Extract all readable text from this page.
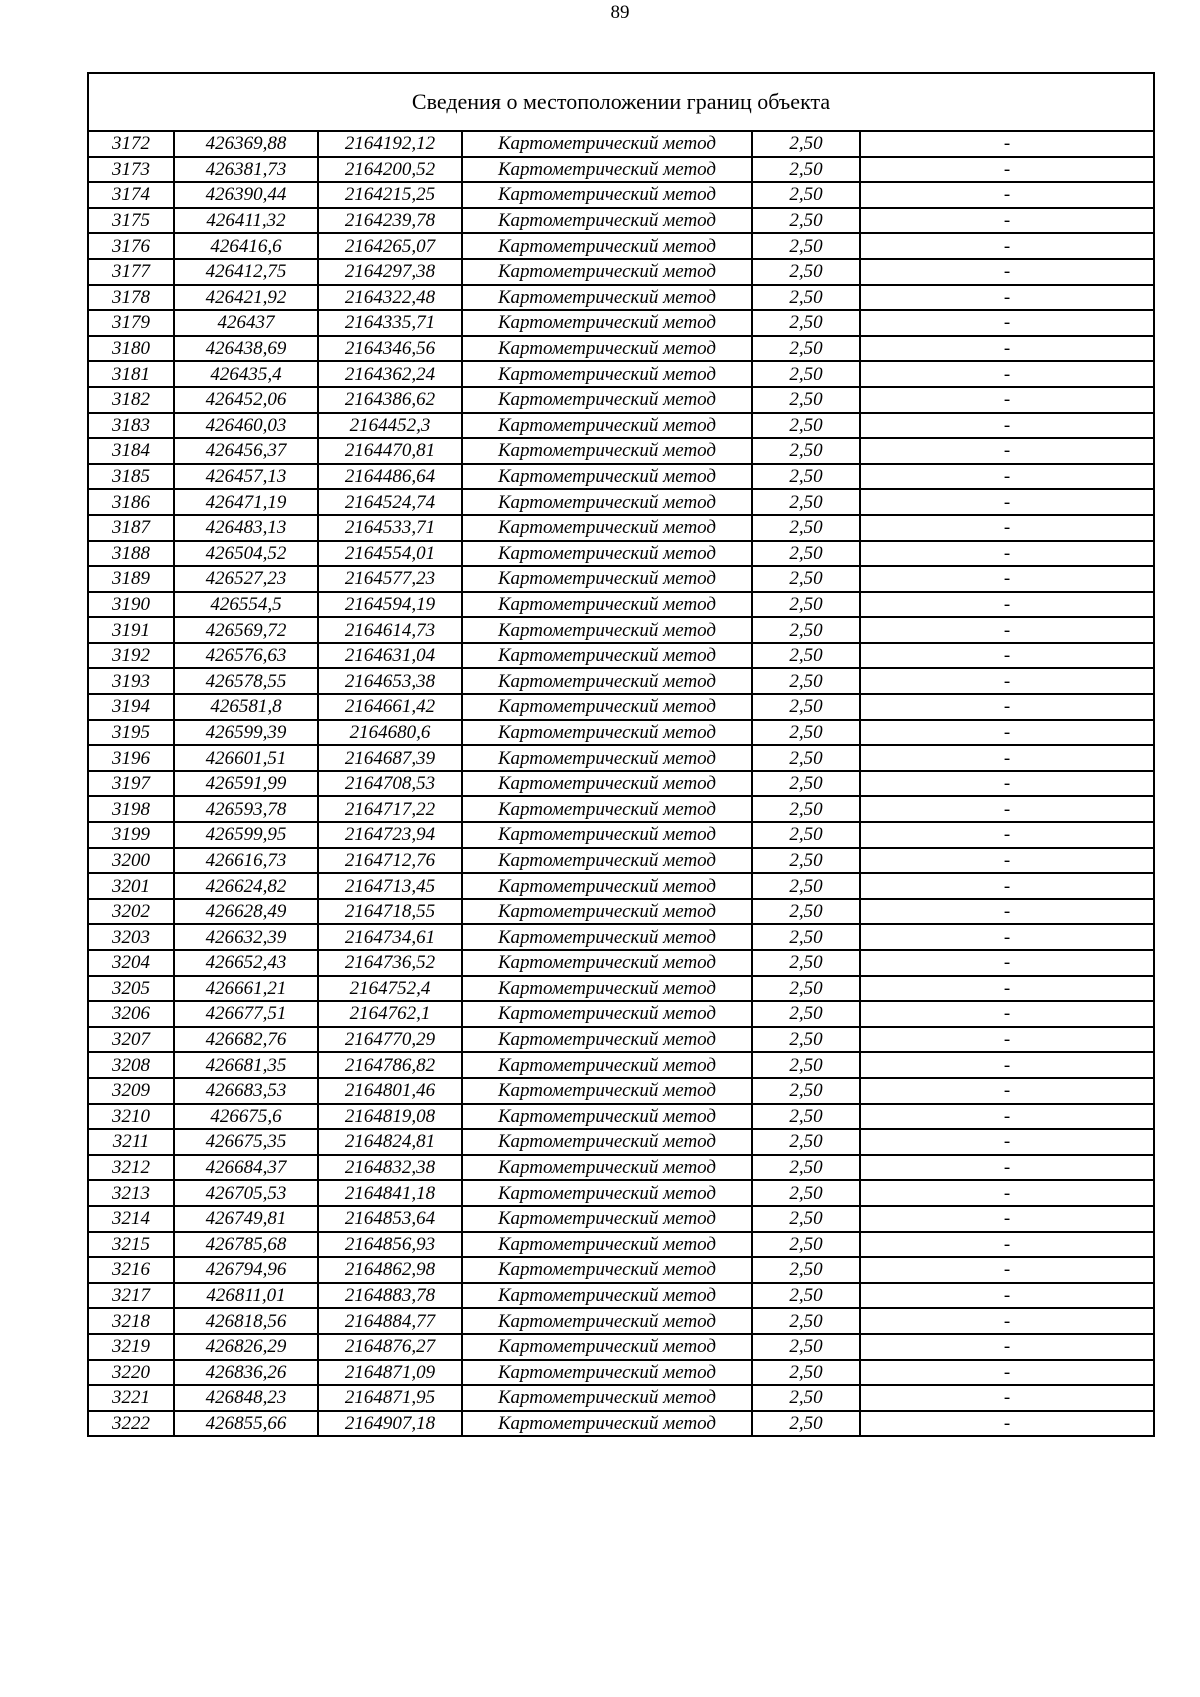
89
Сведения о местоположении границ объекта					
3172	426369,88	2164192,12	Картометрический метод	2,50	-
3173	426381,73	2164200,52	Картометрический метод	2,50	-
3174	426390,44	2164215,25	Картометрический метод	2,50	-
3175	426411,32	2164239,78	Картометрический метод	2,50	-
3176	426416,6	2164265,07	Картометрический метод	2,50	-
3177	426412,75	2164297,38	Картометрический метод	2,50	-
3178	426421,92	2164322,48	Картометрический метод	2,50	-
3179	426437	2164335,71	Картометрический метод	2,50	-
3180	426438,69	2164346,56	Картометрический метод	2,50	-
3181	426435,4	2164362,24	Картометрический метод	2,50	-
3182	426452,06	2164386,62	Картометрический метод	2,50	-
3183	426460,03	2164452,3	Картометрический метод	2,50	-
3184	426456,37	2164470,81	Картометрический метод	2,50	-
3185	426457,13	2164486,64	Картометрический метод	2,50	-
3186	426471,19	2164524,74	Картометрический метод	2,50	-
3187	426483,13	2164533,71	Картометрический метод	2,50	-
3188	426504,52	2164554,01	Картометрический метод	2,50	-
3189	426527,23	2164577,23	Картометрический метод	2,50	-
3190	426554,5	2164594,19	Картометрический метод	2,50	-
3191	426569,72	2164614,73	Картометрический метод	2,50	-
3192	426576,63	2164631,04	Картометрический метод	2,50	-
3193	426578,55	2164653,38	Картометрический метод	2,50	-
3194	426581,8	2164661,42	Картометрический метод	2,50	-
3195	426599,39	2164680,6	Картометрический метод	2,50	-
3196	426601,51	2164687,39	Картометрический метод	2,50	-
3197	426591,99	2164708,53	Картометрический метод	2,50	-
3198	426593,78	2164717,22	Картометрический метод	2,50	-
3199	426599,95	2164723,94	Картометрический метод	2,50	-
3200	426616,73	2164712,76	Картометрический метод	2,50	-
3201	426624,82	2164713,45	Картометрический метод	2,50	-
3202	426628,49	2164718,55	Картометрический метод	2,50	-
3203	426632,39	2164734,61	Картометрический метод	2,50	-
3204	426652,43	2164736,52	Картометрический метод	2,50	-
3205	426661,21	2164752,4	Картометрический метод	2,50	-
3206	426677,51	2164762,1	Картометрический метод	2,50	-
3207	426682,76	2164770,29	Картометрический метод	2,50	-
3208	426681,35	2164786,82	Картометрический метод	2,50	-
3209	426683,53	2164801,46	Картометрический метод	2,50	-
3210	426675,6	2164819,08	Картометрический метод	2,50	-
3211	426675,35	2164824,81	Картометрический метод	2,50	-
3212	426684,37	2164832,38	Картометрический метод	2,50	-
3213	426705,53	2164841,18	Картометрический метод	2,50	-
3214	426749,81	2164853,64	Картометрический метод	2,50	-
3215	426785,68	2164856,93	Картометрический метод	2,50	-
3216	426794,96	2164862,98	Картометрический метод	2,50	-
3217	426811,01	2164883,78	Картометрический метод	2,50	-
3218	426818,56	2164884,77	Картометрический метод	2,50	-
3219	426826,29	2164876,27	Картометрический метод	2,50	-
3220	426836,26	2164871,09	Картометрический метод	2,50	-
3221	426848,23	2164871,95	Картометрический метод	2,50	-
3222	426855,66	2164907,18	Картометрический метод	2,50	-
